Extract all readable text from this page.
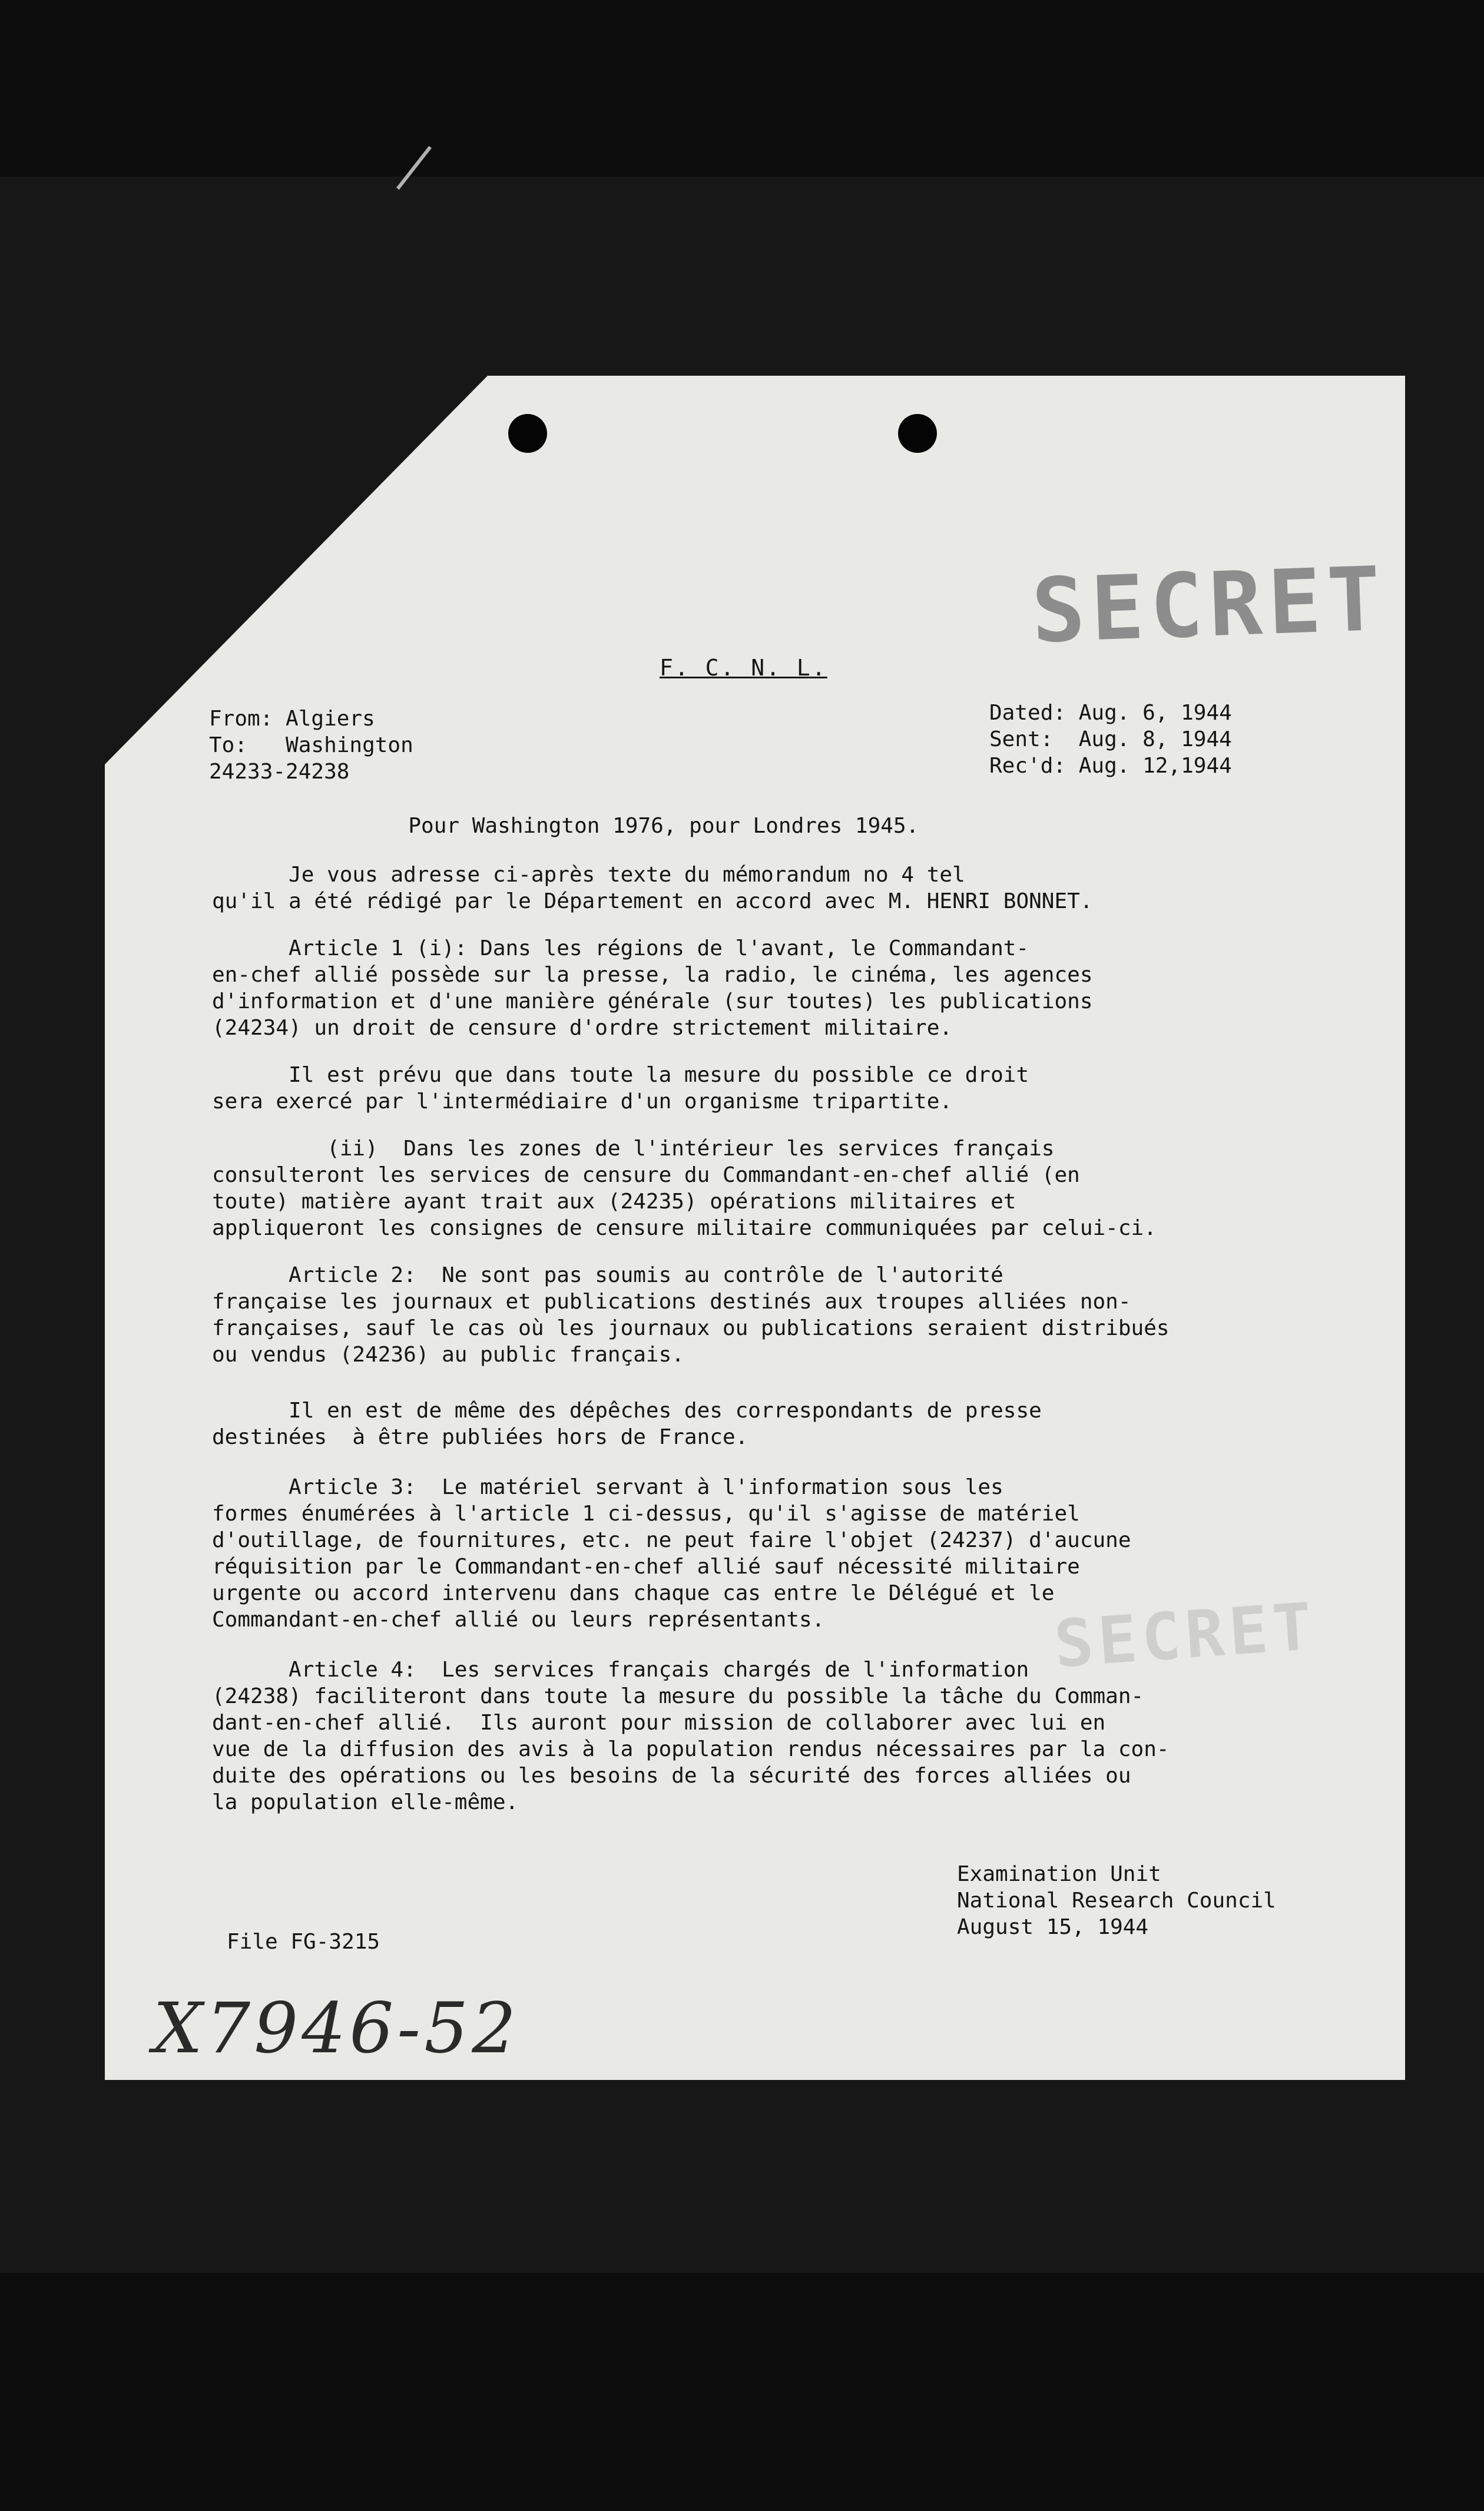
SECRET
SECRET
F. C. N. L.
From: Algiers
To:   Washington
24233-24238
Dated: Aug. 6, 1944
Sent:  Aug. 8, 1944
Rec'd: Aug. 12,1944
Pour Washington 1976, pour Londres 1945.
Je vous adresse ci-après texte du mémorandum no 4 tel
qu'il a été rédigé par le Département en accord avec M. HENRI BONNET.
Article 1 (i): Dans les régions de l'avant, le Commandant-
en-chef allié possède sur la presse, la radio, le cinéma, les agences
d'information et d'une manière générale (sur toutes) les publications
(24234) un droit de censure d'ordre strictement militaire.
Il est prévu que dans toute la mesure du possible ce droit
sera exercé par l'intermédiaire d'un organisme tripartite.
(ii)  Dans les zones de l'intérieur les services français
consulteront les services de censure du Commandant-en-chef allié (en
toute) matière ayant trait aux (24235) opérations militaires et
appliqueront les consignes de censure militaire communiquées par celui-ci.
Article 2:  Ne sont pas soumis au contrôle de l'autorité
française les journaux et publications destinés aux troupes alliées non-
françaises, sauf le cas où les journaux ou publications seraient distribués
ou vendus (24236) au public français.
Il en est de même des dépêches des correspondants de presse
destinées  à être publiées hors de France.
Article 3:  Le matériel servant à l'information sous les
formes énumérées à l'article 1 ci-dessus, qu'il s'agisse de matériel
d'outillage, de fournitures, etc. ne peut faire l'objet (24237) d'aucune
réquisition par le Commandant-en-chef allié sauf nécessité militaire
urgente ou accord intervenu dans chaque cas entre le Délégué et le
Commandant-en-chef allié ou leurs représentants.
Article 4:  Les services français chargés de l'information
(24238) faciliteront dans toute la mesure du possible la tâche du Comman-
dant-en-chef allié.  Ils auront pour mission de collaborer avec lui en
vue de la diffusion des avis à la population rendus nécessaires par la con-
duite des opérations ou les besoins de la sécurité des forces alliées ou
la population elle-même.
Examination Unit
National Research Council
August 15, 1944
File FG-3215
X7946-52
